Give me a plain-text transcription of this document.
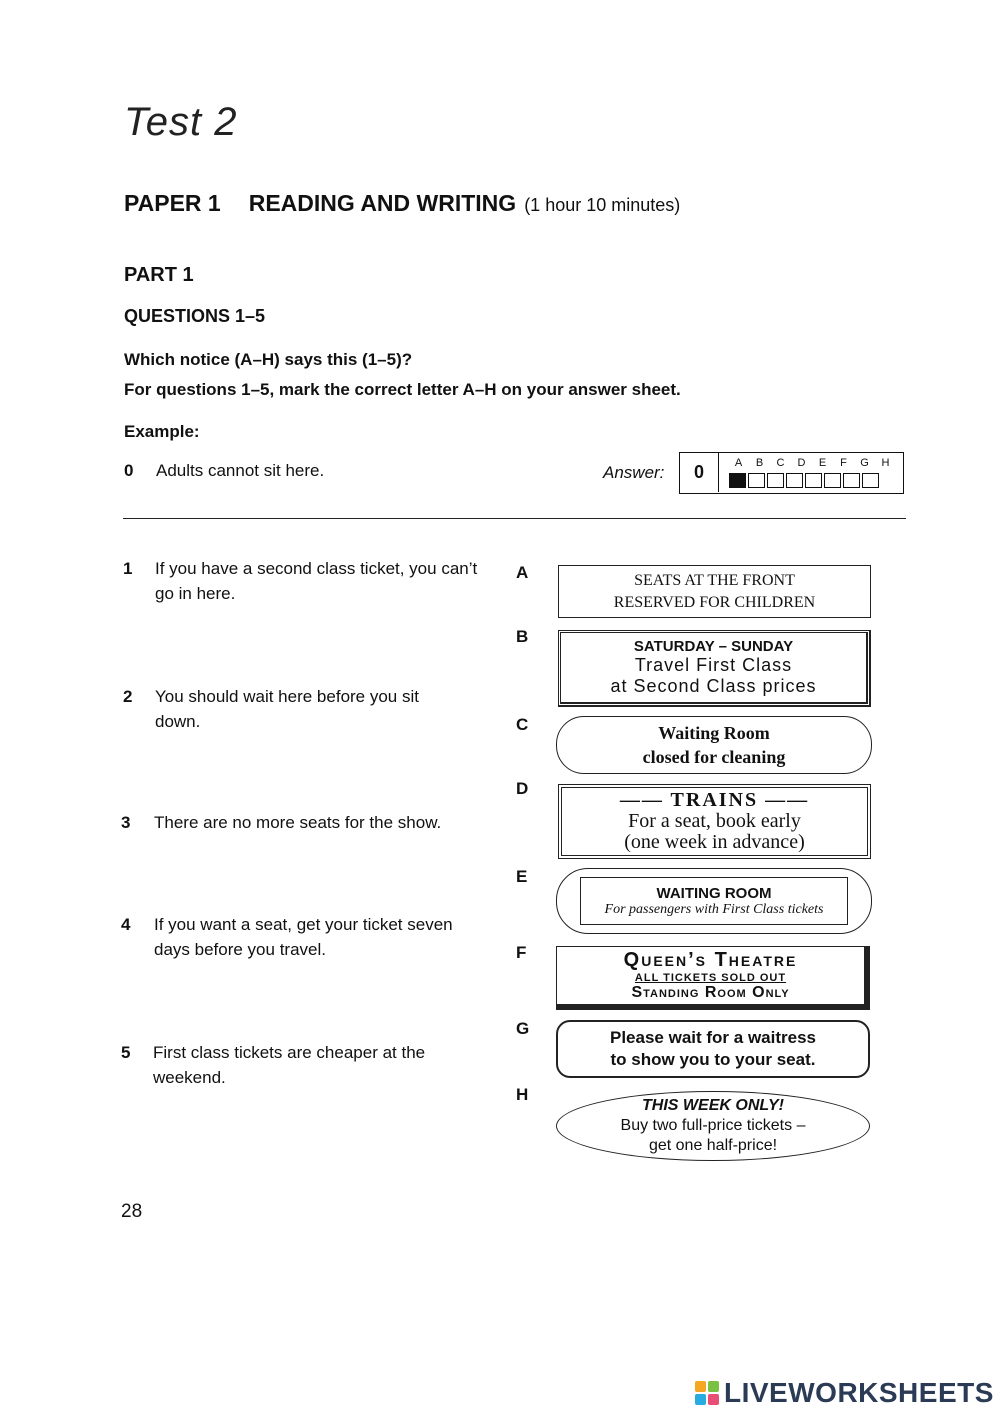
Test 2
PAPER 1 READING AND WRITING (1 hour 10 minutes)
PART 1
QUESTIONS 1–5
Which notice (A–H) says this (1–5)?
For questions 1–5, mark the correct letter A–H on your answer sheet.
Example:
0 Adults cannot sit here.	Answer:	0	A	B	C	D	E	F	G	H
1 If you have a second class ticket, you can’t go in here.
2 You should wait here before you sit down.
3 There are no more seats for the show.
4 If you want a seat, get your ticket seven days before you travel.
5 First class tickets are cheaper at the weekend.
A
B
C
D
E
F
G
H
SEATS AT THE FRONT
RESERVED FOR CHILDREN
SATURDAY – SUNDAY
Travel First Class
at Second Class prices
Waiting Room
closed for cleaning
—— TRAINS ——
For a seat, book early
(one week in advance)
WAITING ROOM
For passengers with First Class tickets
Queen’s Theatre
ALL TICKETS SOLD OUT
Standing Room Only
Please wait for a waitress
to show you to your seat.
THIS WEEK ONLY!
Buy two full-price tickets –
get one half-price!
28
LIVEWORKSHEETS
